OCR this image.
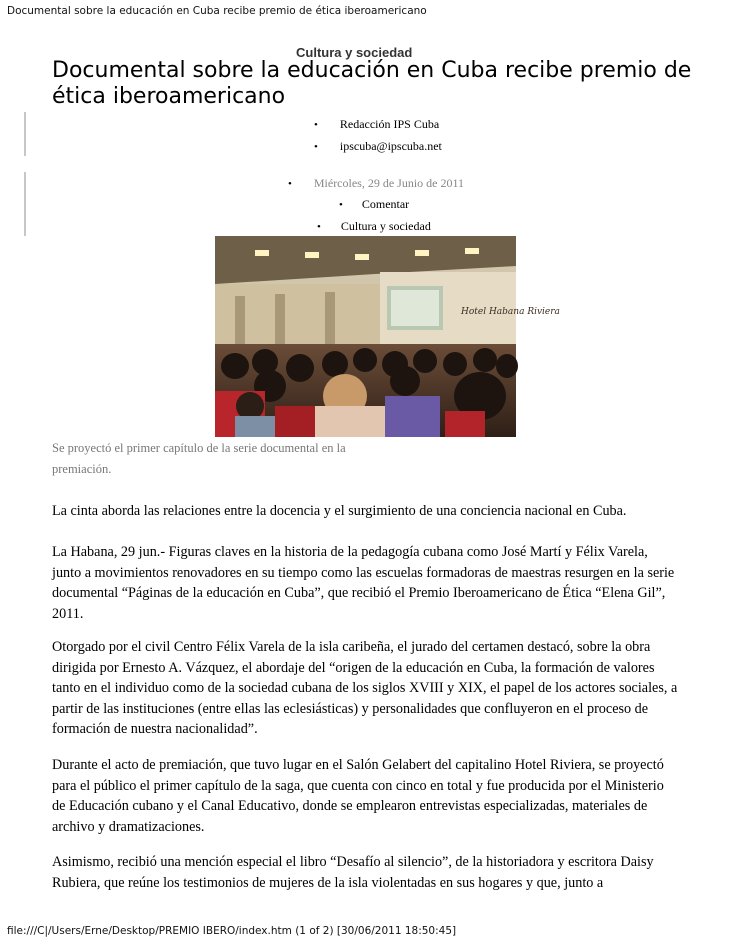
Documental sobre la educación en Cuba recibe premio de ética iberoamericano
Cultura y sociedad
Documental sobre la educación en Cuba recibe premio de ética iberoamericano
• Redacción IPS Cuba
• ipscuba@ipscuba.net
• Miércoles, 29 de Junio de 2011
• Comentar
• Cultura y sociedad
Hotel Habana Riviera
Se proyectó el primer capítulo de la serie documental en la premiación.

La cinta aborda las relaciones entre la docencia y el surgimiento de una conciencia nacional en Cuba.

La Habana, 29 jun.- Figuras claves en la historia de la pedagogía cubana como José Martí y Félix Varela, junto a movimientos renovadores en su tiempo como las escuelas formadoras de maestras resurgen en la serie documental “Páginas de la educación en Cuba”, que recibió el Premio Iberoamericano de Ética “Elena Gil”, 2011.

Otorgado por el civil Centro Félix Varela de la isla caribeña, el jurado del certamen destacó, sobre la obra dirigida por Ernesto A. Vázquez, el abordaje del “origen de la educación en Cuba, la formación de valores tanto en el individuo como de la sociedad cubana de los siglos XVIII y XIX, el papel de los actores sociales, a partir de las instituciones (entre ellas las eclesiásticas) y personalidades que confluyeron en el proceso de formación de nuestra nacionalidad”.

Durante el acto de premiación, que tuvo lugar en el Salón Gelabert del capitalino Hotel Riviera, se proyectó para el público el primer capítulo de la saga, que cuenta con cinco en total y fue producida por el Ministerio de Educación cubano y el Canal Educativo, donde se emplearon entrevistas especializadas, materiales de archivo y dramatizaciones.

Asimismo, recibió una mención especial el libro “Desafío al silencio”, de la historiadora y escritora Daisy Rubiera, que reúne los testimonios de mujeres de la isla violentadas en sus hogares y que, junto a

file:///C|/Users/Erne/Desktop/PREMIO IBERO/index.htm (1 of 2) [30/06/2011 18:50:45]
